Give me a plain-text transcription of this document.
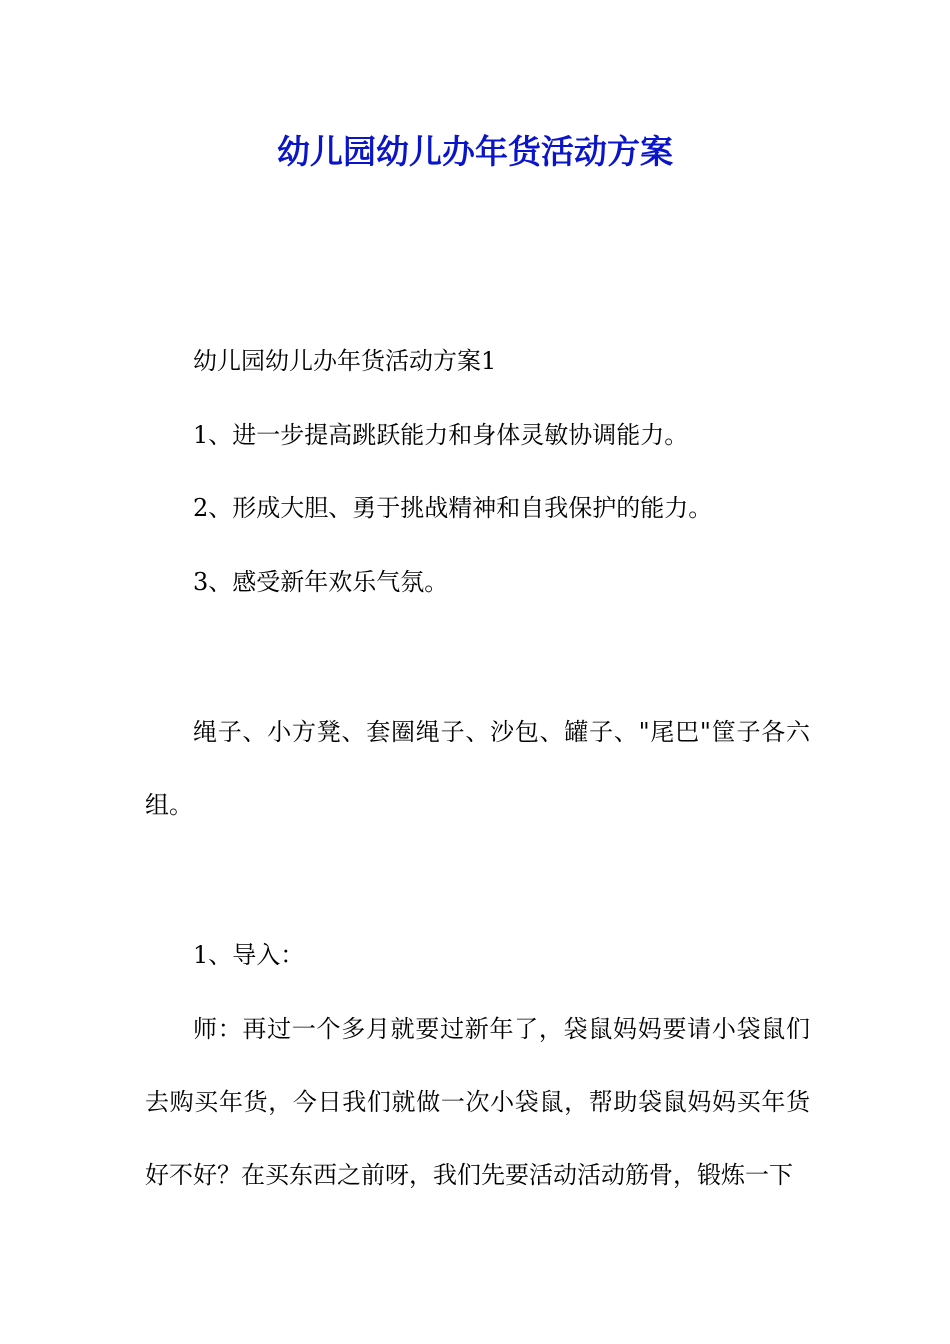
幼儿园幼儿办年货活动方案

幼儿园幼儿办年货活动方案1

1、进一步提高跳跃能力和身体灵敏协调能力。

2、形成大胆、勇于挑战精神和自我保护的能力。

3、感受新年欢乐气氛。

绳子、小方凳、套圈绳子、沙包、罐子、"尾巴"筐子各六组。

1、导入：

师：再过一个多月就要过新年了，袋鼠妈妈要请小袋鼠们去购买年货，今日我们就做一次小袋鼠，帮助袋鼠妈妈买年货好不好？在买东西之前呀，我们先要活动活动筋骨，锻炼一下
